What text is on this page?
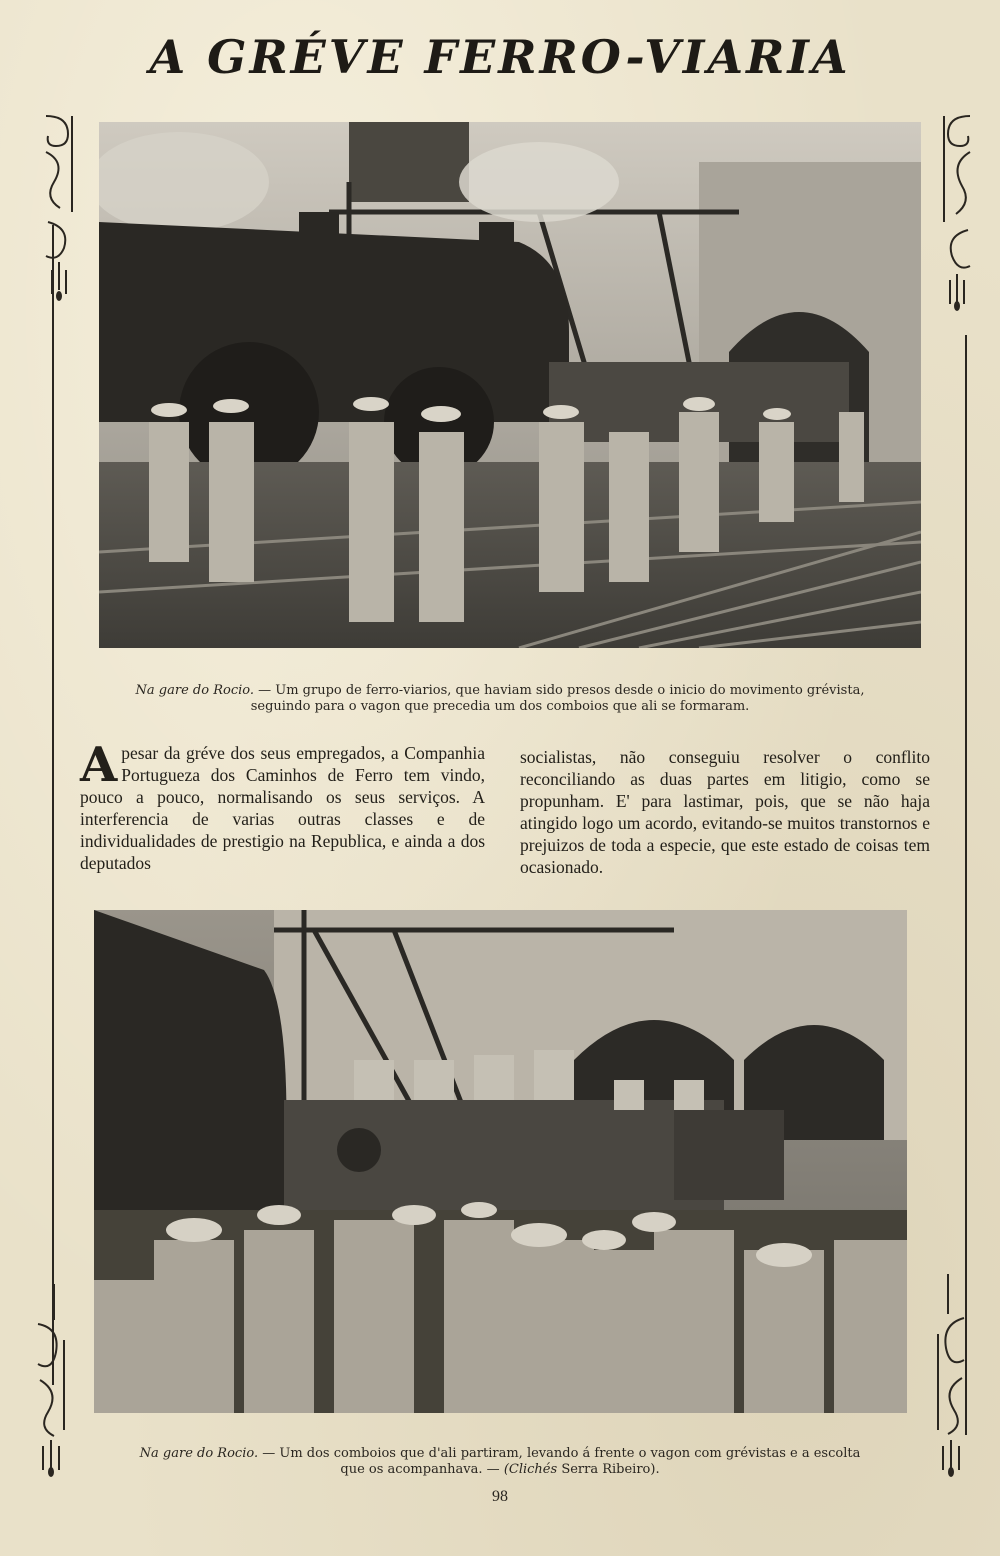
A GRÉVE FERRO-VIARIA
Na gare do Rocio. — Um grupo de ferro-viarios, que haviam sido presos desde o inicio do movimento grévista,
seguindo para o vagon que precedia um dos comboios que ali se formaram.
Apesar da gréve dos seus empregados, a Companhia Portugueza dos Caminhos de Ferro tem vindo, pouco a pouco, normalisando os seus serviços. A interferencia de varias outras classes e de individualidades de prestigio na Republica, e ainda a dos deputados
socialistas, não conseguiu resolver o conflito reconciliando as duas partes em litigio, como se propunham. E' para lastimar, pois, que se não haja atingido logo um acordo, evitando-se muitos transtornos e prejuizos de toda a especie, que este estado de coisas tem ocasionado.
Na gare do Rocio. — Um dos comboios que d'ali partiram, levando á frente o vagon com grévistas e a escolta
que os acompanhava. — (Clichés Serra Ribeiro).
98
